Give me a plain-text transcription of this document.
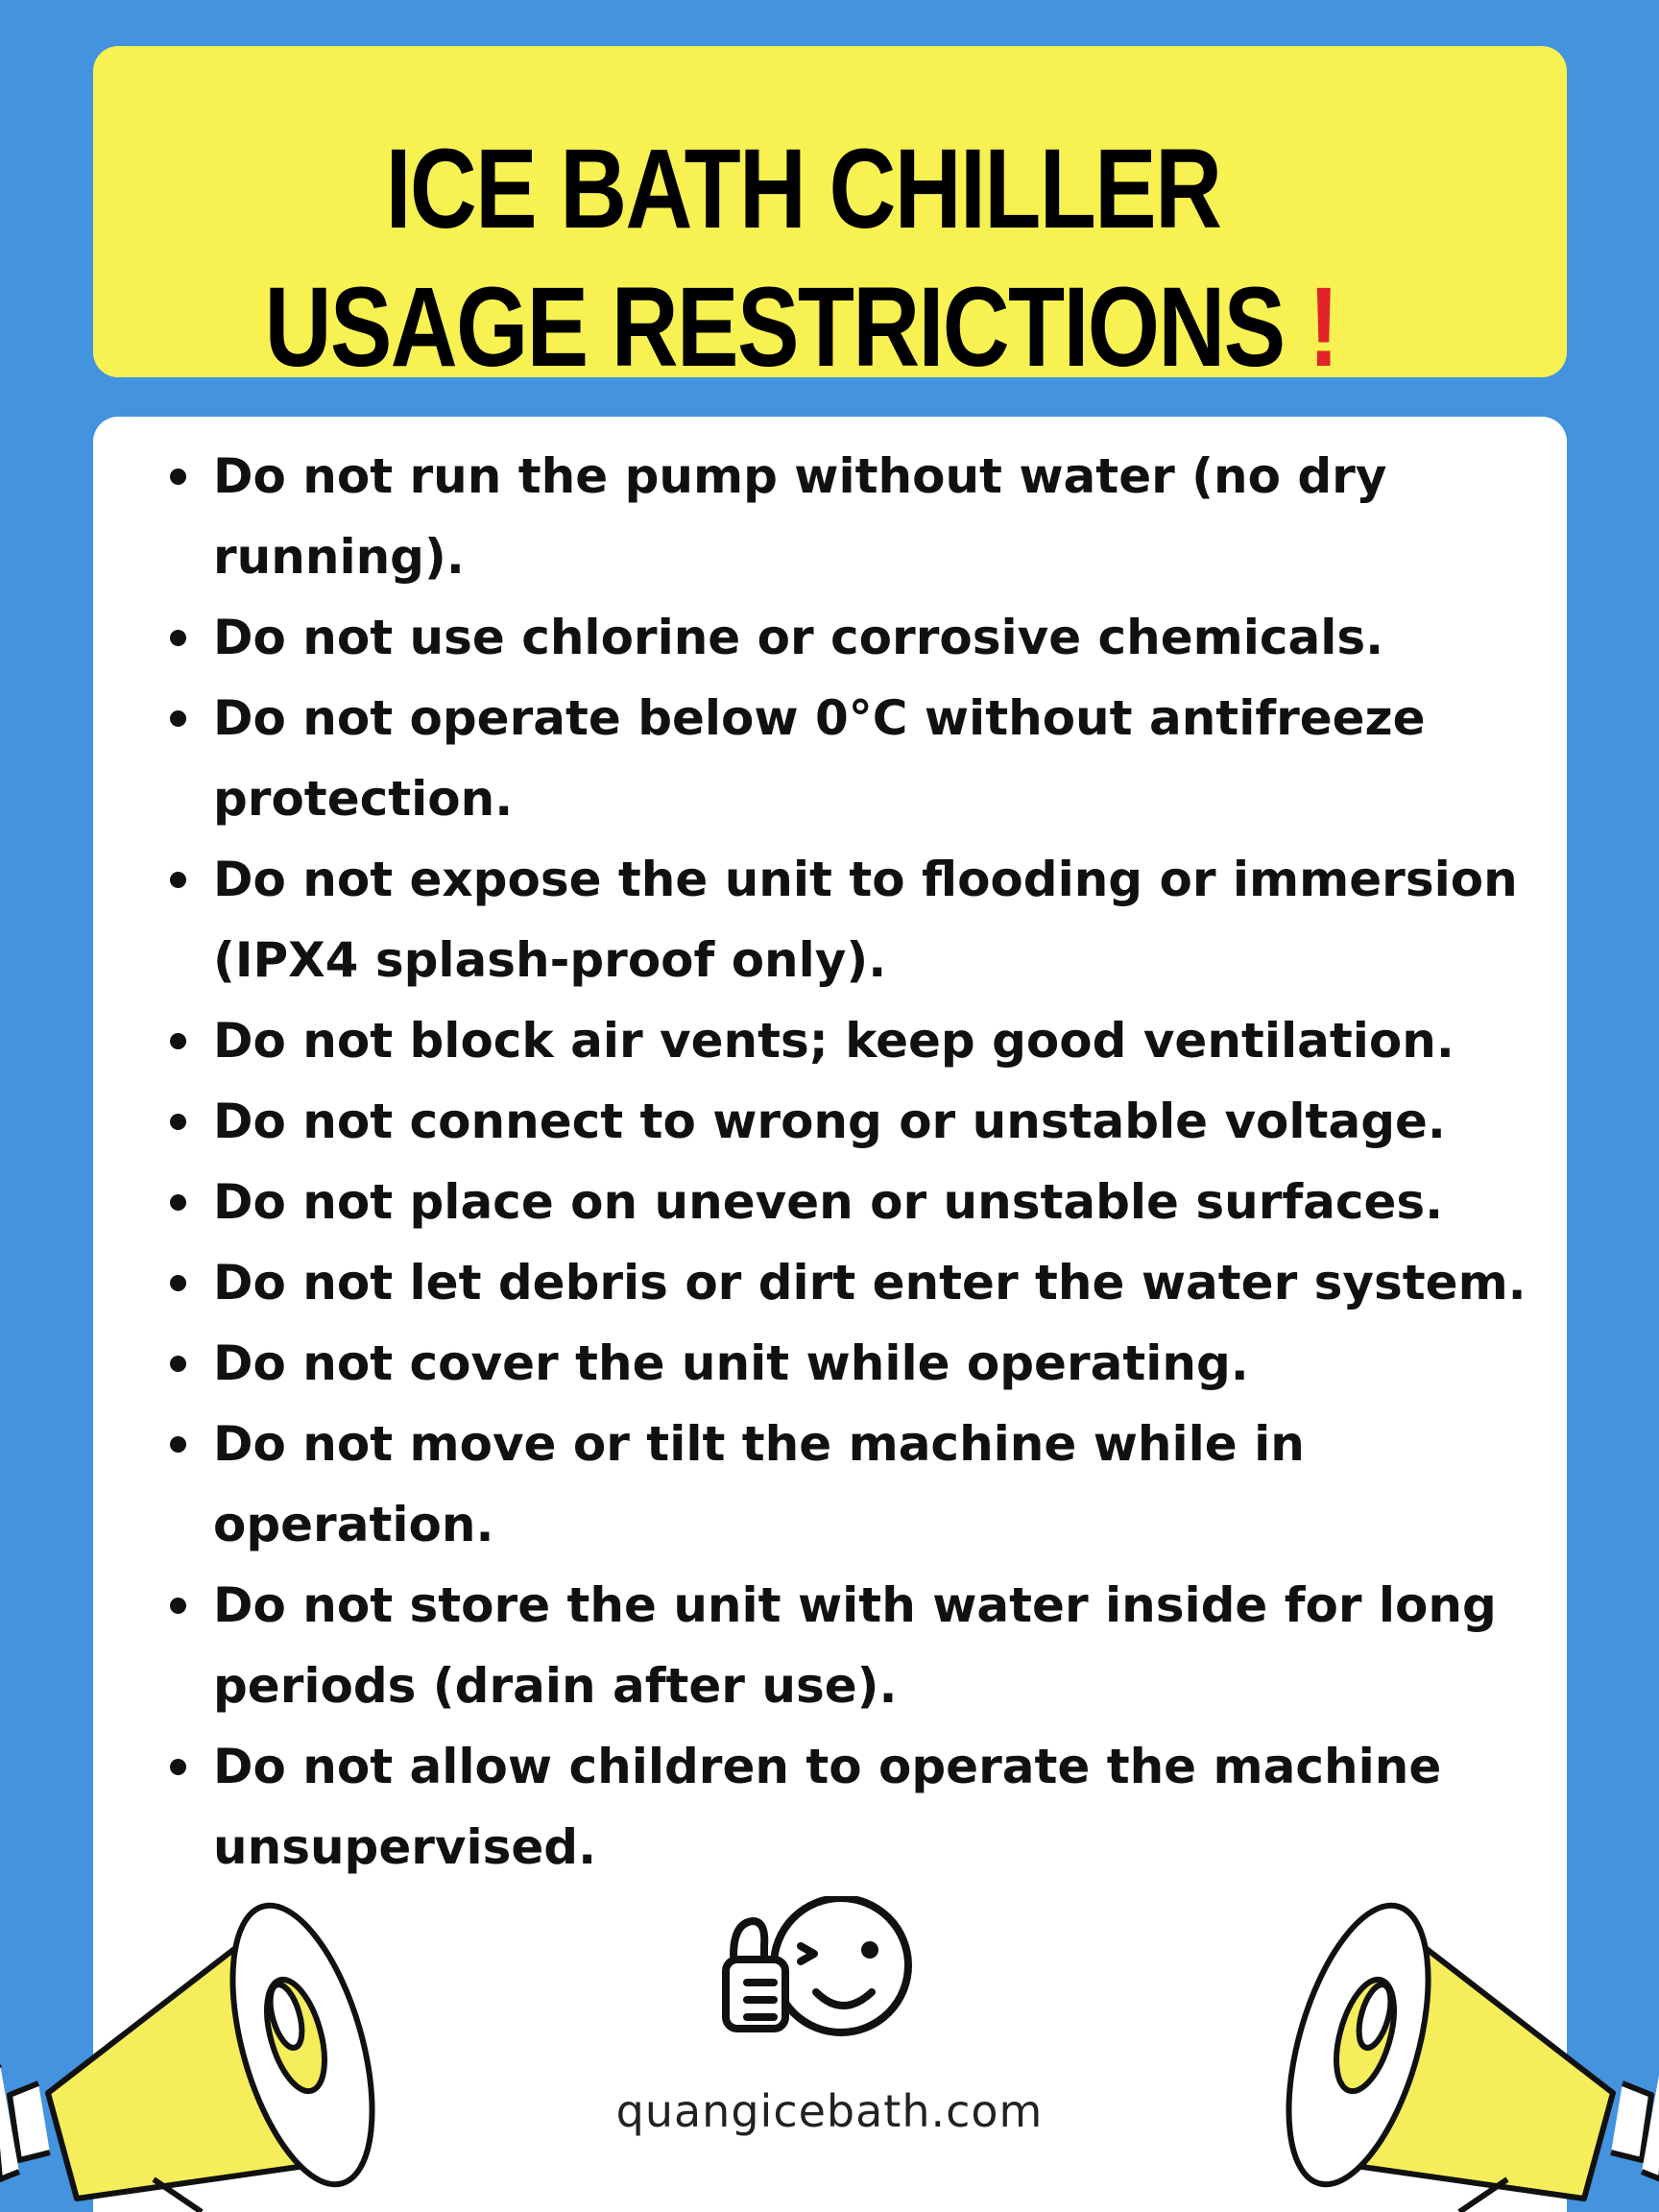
ICE BATH CHILLER
USAGE RESTRICTIONS !
Do not run the pump without water (no dry running).
Do not use chlorine or corrosive chemicals.
Do not operate below 0°C without antifreeze protection.
Do not expose the unit to flooding or immersion (IPX4 splash-proof only).
Do not block air vents; keep good ventilation.
Do not connect to wrong or unstable voltage.
Do not place on uneven or unstable surfaces.
Do not let debris or dirt enter the water system.
Do not cover the unit while operating.
Do not move or tilt the machine while in operation.
Do not store the unit with water inside for long periods (drain after use).
Do not allow children to operate the machine unsupervised.
quangicebath.com
